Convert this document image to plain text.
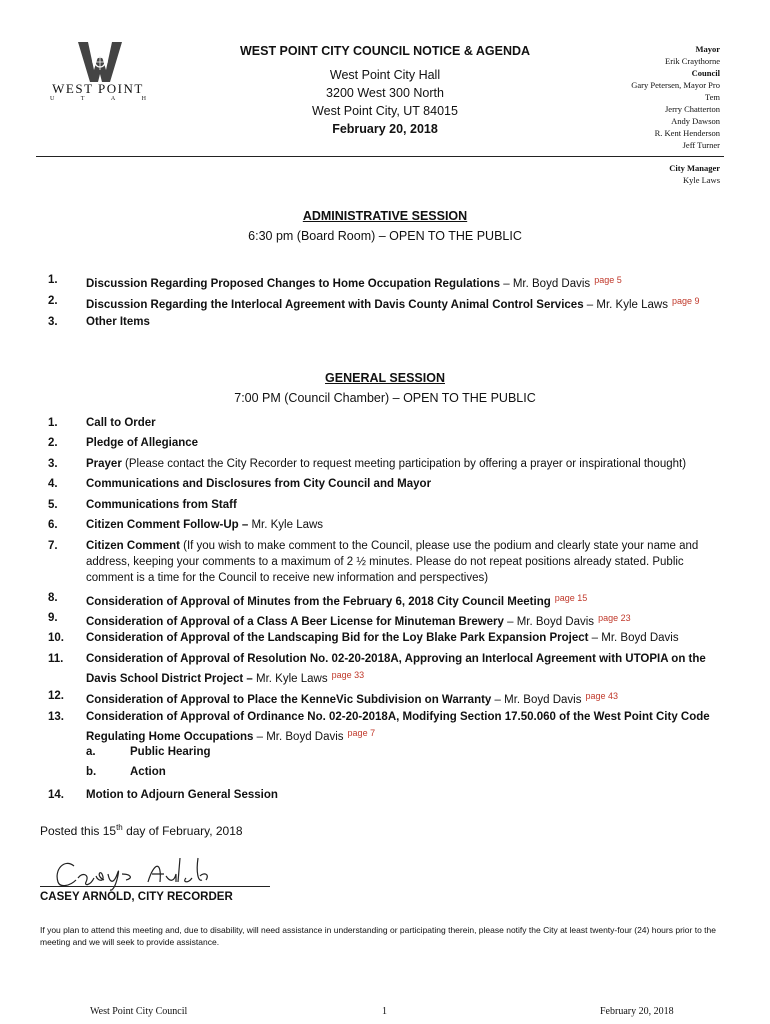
WEST POINT
U	T	A	H
WEST POINT CITY COUNCIL NOTICE & AGENDA
West Point City Hall
3200 West 300 North
West Point City, UT 84015
February 20, 2018
Mayor
Erik Craythorne
Council
Gary Petersen, Mayor Pro
Tem
Jerry Chatterton
Andy Dawson
R. Kent Henderson
Jeff Turner
City Manager
Kyle Laws
ADMINISTRATIVE SESSION
6:30 pm (Board Room) – OPEN TO THE PUBLIC
1.	Discussion Regarding Proposed Changes to Home Occupation Regulations – Mr. Boyd Davis $^{page 5}$
2.	Discussion Regarding the Interlocal Agreement with Davis County Animal Control Services – Mr. Kyle Laws $^{page 9}$
3.	Other Items
GENERAL SESSION
7:00 PM (Council Chamber) – OPEN TO THE PUBLIC
1.	Call to Order
2.	Pledge of Allegiance
3.	Prayer (Please contact the City Recorder to request meeting participation by offering a prayer or inspirational thought)
4.	Communications and Disclosures from City Council and Mayor
5.	Communications from Staff
6.	Citizen Comment Follow-Up – Mr. Kyle Laws
7.	Citizen Comment (If you wish to make comment to the Council, please use the podium and clearly state your name and address, keeping your comments to a maximum of 2 ½ minutes. Please do not repeat positions already stated. Public comment is a time for the Council to receive new information and perspectives)
8.	Consideration of Approval of Minutes from the February 6, 2018 City Council Meeting $^{page 15}$
9.	Consideration of Approval of a Class A Beer License for Minuteman Brewery – Mr. Boyd Davis $^{page 23}$
10.	Consideration of Approval of the Landscaping Bid for the Loy Blake Park Expansion Project – Mr. Boyd Davis
11.	Consideration of Approval of Resolution No. 02-20-2018A, Approving an Interlocal Agreement with UTOPIA on the Davis School District Project – Mr. Kyle Laws $^{page 33}$
12.	Consideration of Approval to Place the KenneVic Subdivision on Warranty – Mr. Boyd Davis $^{page 43}$
13.	Consideration of Approval of Ordinance No. 02-20-2018A, Modifying Section 17.50.060 of the West Point City Code Regulating Home Occupations – Mr. Boyd Davis $^{page 7}$
a.	Public Hearing
b.	Action
14.	Motion to Adjourn General Session
Posted this 15th day of February, 2018
CASEY ARNOLD, CITY RECORDER
If you plan to attend this meeting and, due to disability, will need assistance in understanding or participating therein, please notify the City at least twenty-four (24) hours prior to the meeting and we will seek to provide assistance.
West Point City Council	1	February 20, 2018
